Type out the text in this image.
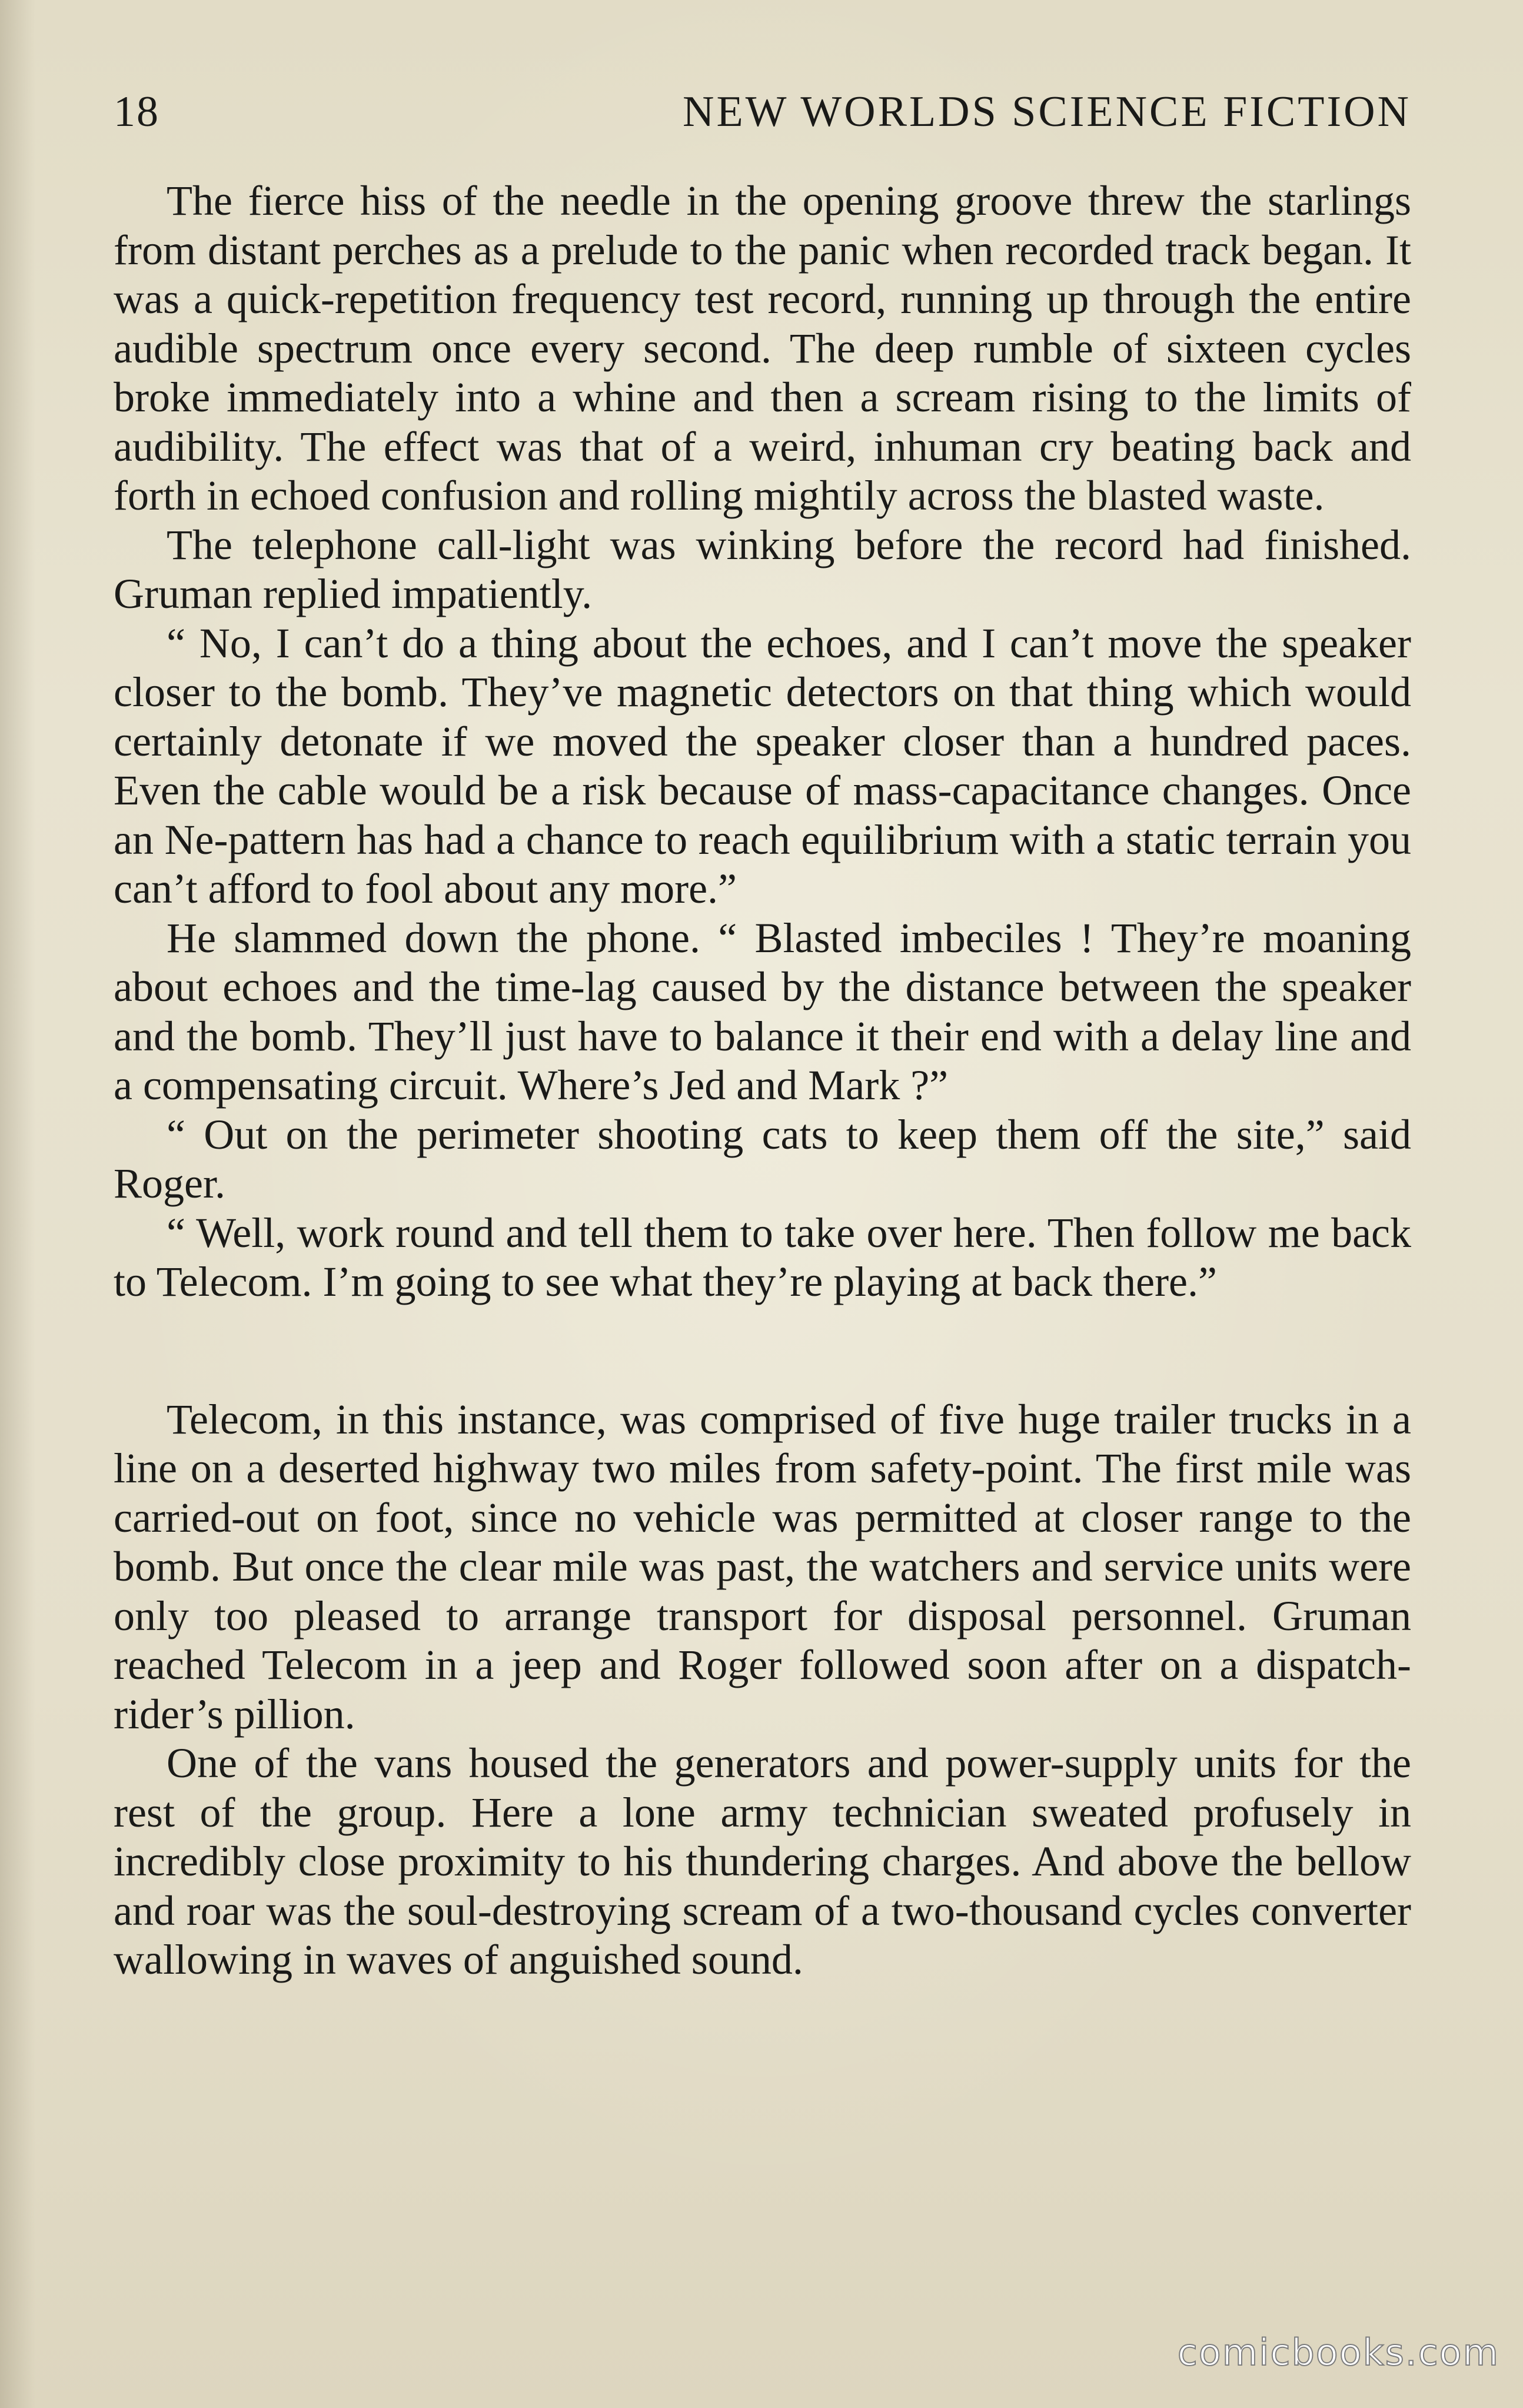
18	NEW WORLDS SCIENCE FICTION

The fierce hiss of the needle in the opening groove threw the starlings from distant perches as a prelude to the panic when recorded track began. It was a quick-repetition frequency test record, running up through the entire audible spectrum once every second. The deep rumble of sixteen cycles broke immediately into a whine and then a scream rising to the limits of audibility. The effect was that of a weird, inhuman cry beating back and forth in echoed confusion and rolling mightily across the blasted waste.

The telephone call-light was winking before the record had finished. Gruman replied impatiently.

“ No, I can’t do a thing about the echoes, and I can’t move the speaker closer to the bomb. They’ve magnetic detectors on that thing which would certainly detonate if we moved the speaker closer than a hundred paces. Even the cable would be a risk because of mass-capacitance changes. Once an Ne-pattern has had a chance to reach equilibrium with a static terrain you can’t afford to fool about any more.”

He slammed down the phone. “ Blasted imbeciles ! They’re moaning about echoes and the time-lag caused by the distance between the speaker and the bomb. They’ll just have to balance it their end with a delay line and a compensating circuit. Where’s Jed and Mark ?”

“ Out on the perimeter shooting cats to keep them off the site,” said Roger.

“ Well, work round and tell them to take over here. Then follow me back to Telecom. I’m going to see what they’re playing at back there.”

Telecom, in this instance, was comprised of five huge trailer trucks in a line on a deserted highway two miles from safety-point. The first mile was carried-out on foot, since no vehicle was permitted at closer range to the bomb. But once the clear mile was past, the watchers and service units were only too pleased to arrange transport for disposal personnel. Gruman reached Telecom in a jeep and Roger followed soon after on a dispatch-rider’s pillion.

One of the vans housed the generators and power-supply units for the rest of the group. Here a lone army technician sweated profusely in incredibly close proximity to his thundering charges. And above the bellow and roar was the soul-destroying scream of a two-thousand cycles converter wallowing in waves of anguished sound.

comicbooks.com
